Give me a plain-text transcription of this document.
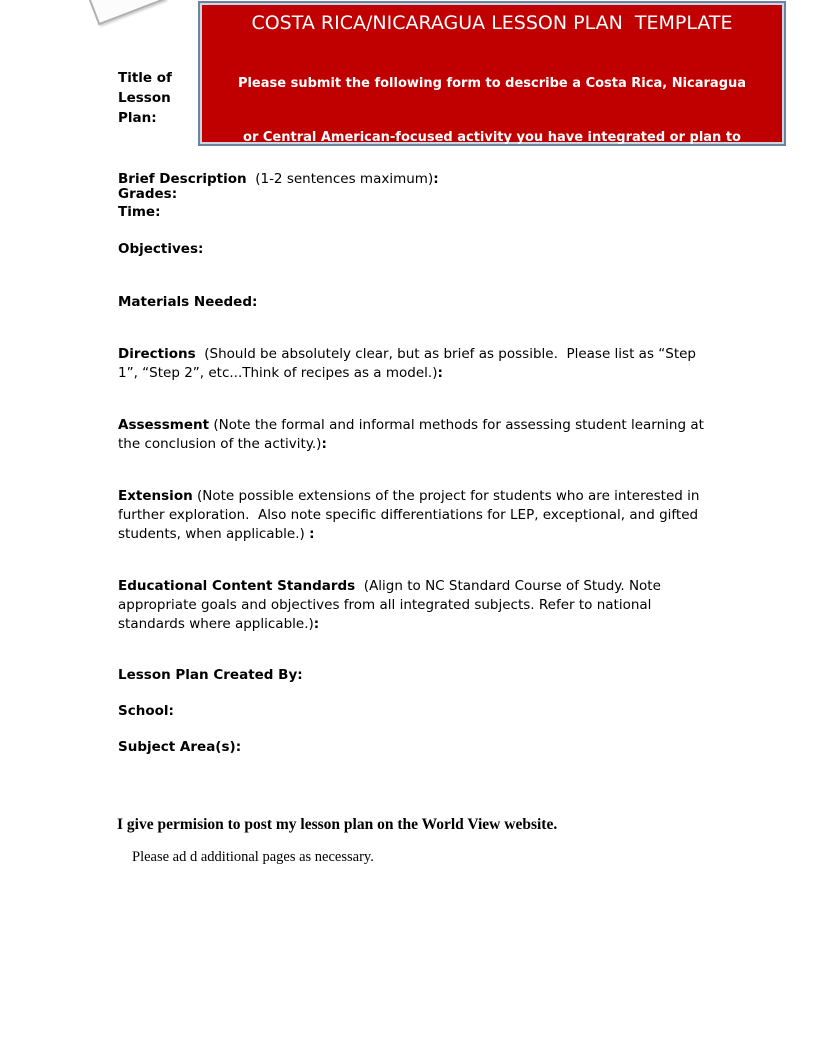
Title of Lesson Plan:

Grades:

COSTA RICA/NICARAGUA LESSON PLAN  TEMPLATE

Please submit the following form to describe a Costa Rica, Nicaragua

or Central American-focused activity you have integrated or plan to

integrate into your curriculum.   Please email your completed form to

Alexandria Faulkenbury at afaulkenbury@unc.edu by    October 2, 2015 .

¡Gracias!
-You may submit more than one form/activity if desired-

Brief Description  (1-2 sentences maximum):

Time:

Objectives:

Materials Needed:

Directions  (Should be absolutely clear, but as brief as possible.  Please list as “Step 1”, “Step 2”, etc...Think of recipes as a model.):

Assessment (Note the formal and informal methods for assessing student learning at the conclusion of the activity.):

Extension (Note possible extensions of the project for students who are interested in further exploration.  Also note specific differentiations for LEP, exceptional, and gifted students, when applicable.) :

Educational Content Standards  (Align to NC Standard Course of Study. Note appropriate goals and objectives from all integrated subjects. Refer to national standards where applicable.):

Lesson Plan Created By:

School:

Subject Area(s):

I give permision to post my lesson plan on the World View website.

Please ad d additional pages as necessary.
